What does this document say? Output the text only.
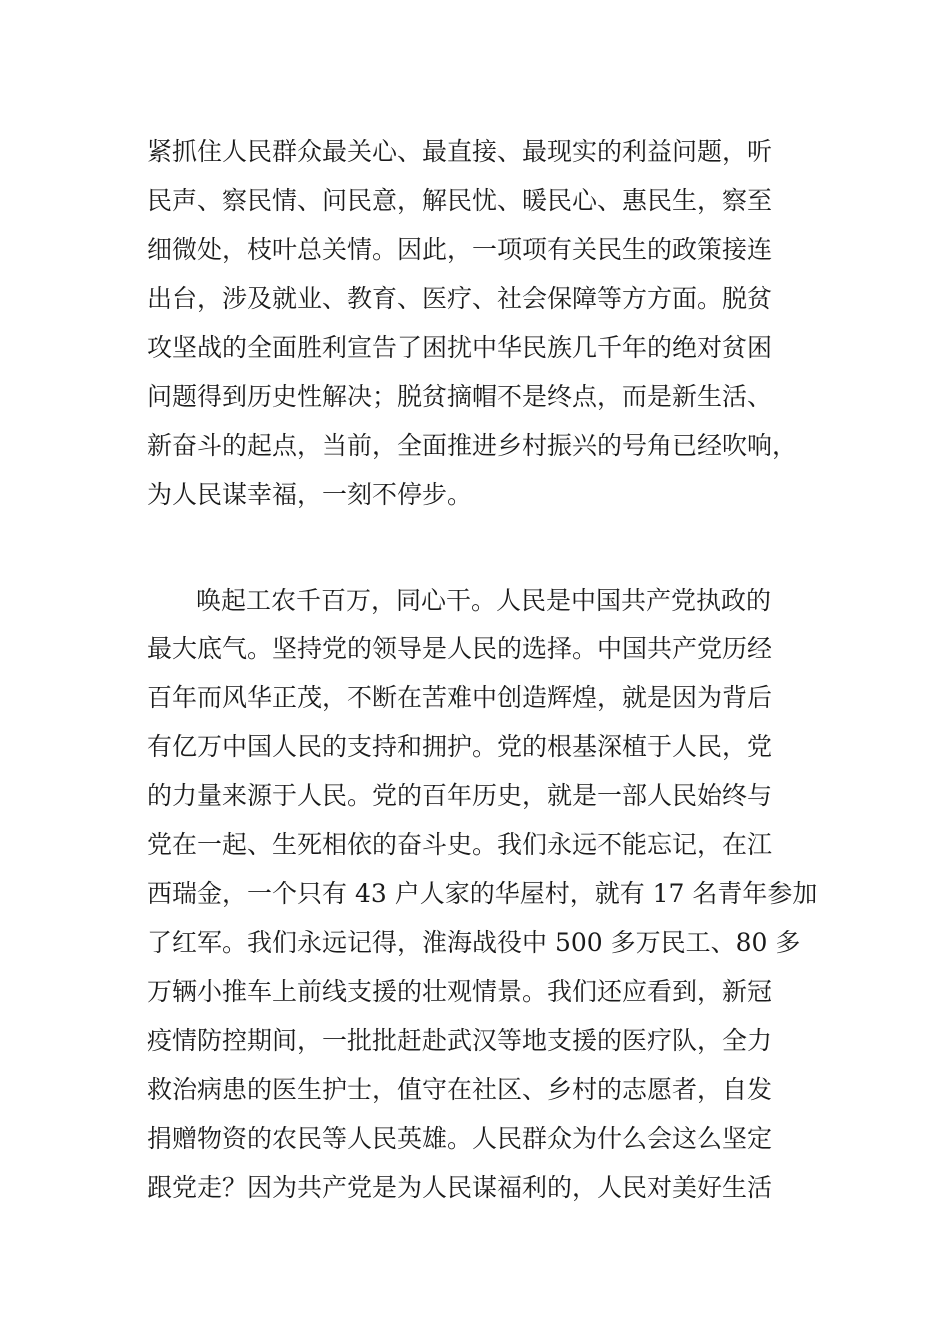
紧抓住人民群众最关心、最直接、最现实的利益问题，听
民声、察民情、问民意，解民忧、暖民心、惠民生，察至
细微处，枝叶总关情。因此，一项项有关民生的政策接连
出台，涉及就业、教育、医疗、社会保障等方方面。脱贫
攻坚战的全面胜利宣告了困扰中华民族几千年的绝对贫困
问题得到历史性解决；脱贫摘帽不是终点，而是新生活、
新奋斗的起点，当前，全面推进乡村振兴的号角已经吹响，
为人民谋幸福，一刻不停步。
唤起工农千百万，同心干。人民是中国共产党执政的
最大底气。坚持党的领导是人民的选择。中国共产党历经
百年而风华正茂，不断在苦难中创造辉煌，就是因为背后
有亿万中国人民的支持和拥护。党的根基深植于人民，党
的力量来源于人民。党的百年历史，就是一部人民始终与
党在一起、生死相依的奋斗史。我们永远不能忘记，在江
西瑞金，一个只有 43 户人家的华屋村，就有 17 名青年参加
了红军。我们永远记得，淮海战役中 500 多万民工、80 多
万辆小推车上前线支援的壮观情景。我们还应看到，新冠
疫情防控期间，一批批赶赴武汉等地支援的医疗队，全力
救治病患的医生护士，值守在社区、乡村的志愿者，自发
捐赠物资的农民等人民英雄。人民群众为什么会这么坚定
跟党走？因为共产党是为人民谋福利的，人民对美好生活
